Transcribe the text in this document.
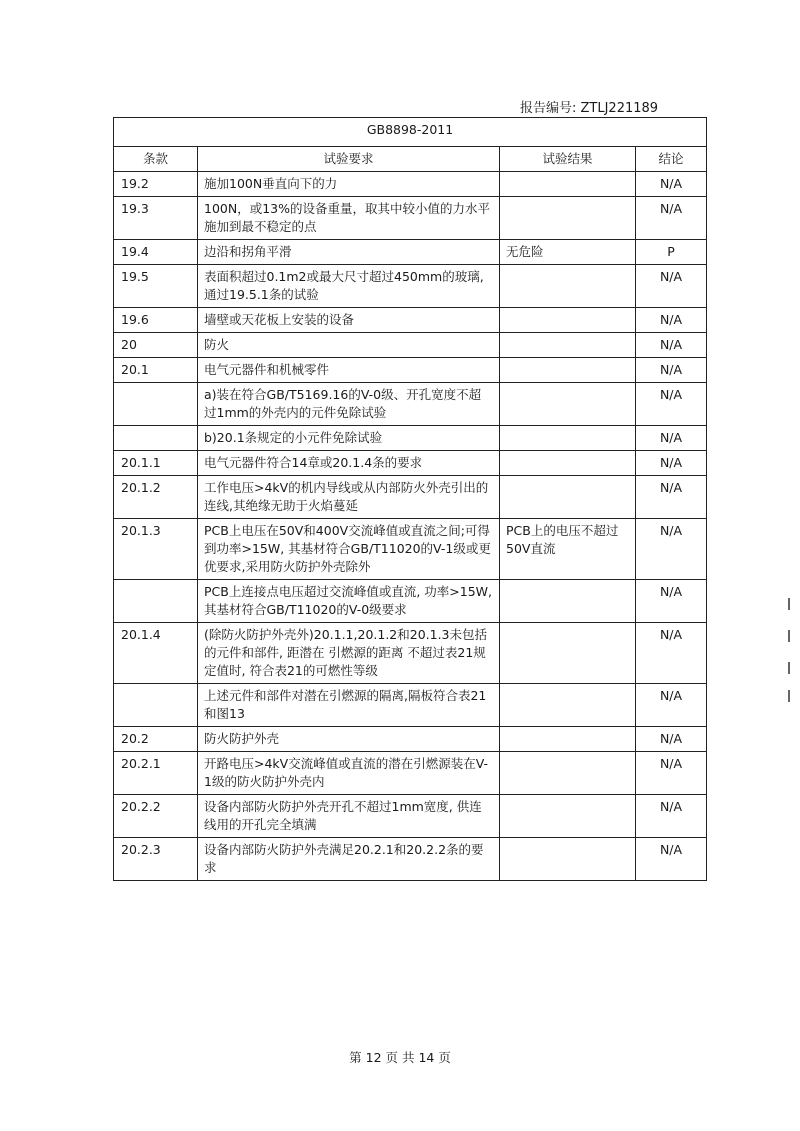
报告编号: ZTLJ221189
GB8898-2011			
条款	试验要求	试验结果	结论
19.2	施加100N垂直向下的力		N/A
19.3	100N，或13%的设备重量，取其中较小值的力水平施加到最不稳定的点		N/A
19.4	边沿和拐角平滑	无危险	P
19.5	表面积超过0.1m2或最大尺寸超过450mm的玻璃,通过19.5.1条的试验		N/A
19.6	墙壁或天花板上安装的设备		N/A
20	防火		N/A
20.1	电气元器件和机械零件		N/A
	a)装在符合GB/T5169.16的V-0级、开孔宽度不超过1mm的外壳内的元件免除试验		N/A
	b)20.1条规定的小元件免除试验		N/A
20.1.1	电气元器件符合14章或20.1.4条的要求		N/A
20.1.2	工作电压>4kV的机内导线或从内部防火外壳引出的连线,其绝缘无助于火焰蔓延		N/A
20.1.3	PCB上电压在50V和400V交流峰值或直流之间;可得到功率>15W, 其基材符合GB/T11020的V-1级或更优要求,采用防火防护外壳除外	PCB上的电压不超过50V直流	N/A
	PCB上连接点电压超过交流峰值或直流, 功率>15W,其基材符合GB/T11020的V-0级要求		N/A
20.1.4	(除防火防护外壳外)20.1.1,20.1.2和20.1.3未包括的元件和部件, 距潜在 引燃源的距离 不超过表21规定值时, 符合表21的可燃性等级		N/A
	上述元件和部件对潜在引燃源的隔离,隔板符合表21和图13		N/A
20.2	防火防护外壳		N/A
20.2.1	开路电压>4kV交流峰值或直流的潜在引燃源装在V- 1级的防火防护外壳内		N/A
20.2.2	设备内部防火防护外壳开孔不超过1mm宽度, 供连线用的开孔完全填满		N/A
20.2.3	设备内部防火防护外壳满足20.2.1和20.2.2条的要求		N/A
第 12 页 共 14 页
